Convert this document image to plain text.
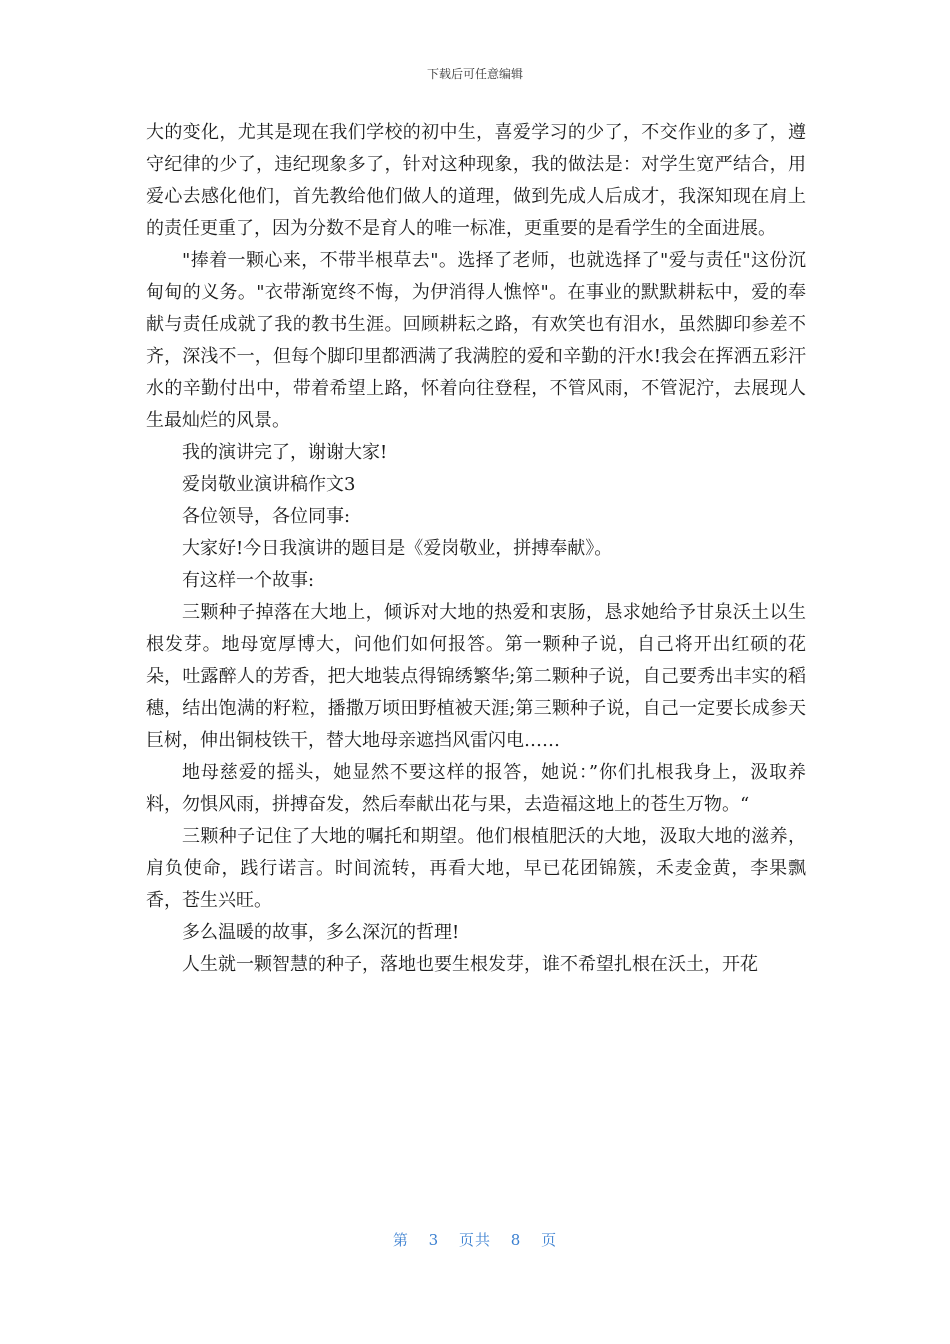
下载后可任意编辑

大的变化，尤其是现在我们学校的初中生，喜爱学习的少了，不交作业的多了，遵守纪律的少了，违纪现象多了，针对这种现象，我的做法是：对学生宽严结合，用爱心去感化他们，首先教给他们做人的道理，做到先成人后成才，我深知现在肩上的责任更重了，因为分数不是育人的唯一标准，更重要的是看学生的全面进展。

"捧着一颗心来，不带半根草去"。选择了老师，也就选择了"爱与责任"这份沉甸甸的义务。"衣带渐宽终不悔，为伊消得人憔悴"。在事业的默默耕耘中，爱的奉献与责任成就了我的教书生涯。回顾耕耘之路，有欢笑也有泪水，虽然脚印参差不齐，深浅不一，但每个脚印里都洒满了我满腔的爱和辛勤的汗水!我会在挥洒五彩汗水的辛勤付出中，带着希望上路，怀着向往登程，不管风雨，不管泥泞，去展现人生最灿烂的风景。

我的演讲完了，谢谢大家!

爱岗敬业演讲稿作文3

各位领导，各位同事:

大家好!今日我演讲的题目是《爱岗敬业，拼搏奉献》。

有这样一个故事:

三颗种子掉落在大地上，倾诉对大地的热爱和衷肠，恳求她给予甘泉沃土以生根发芽。地母宽厚博大，问他们如何报答。第一颗种子说，自己将开出红硕的花朵，吐露醉人的芳香，把大地装点得锦绣繁华;第二颗种子说，自己要秀出丰实的稻穗，结出饱满的籽粒，播撒万顷田野植被天涯;第三颗种子说，自己一定要长成参天巨树，伸出铜枝铁干，替大地母亲遮挡风雷闪电……

地母慈爱的摇头，她显然不要这样的报答，她说：”你们扎根我身上，汲取养料，勿惧风雨，拼搏奋发，然后奉献出花与果，去造福这地上的苍生万物。“

三颗种子记住了大地的嘱托和期望。他们根植肥沃的大地，汲取大地的滋养，肩负使命，践行诺言。时间流转，再看大地，早已花团锦簇，禾麦金黄，李果飘香，苍生兴旺。

多么温暖的故事，多么深沉的哲理!

人生就一颗智慧的种子，落地也要生根发芽，谁不希望扎根在沃土，开花

第 3 页共 8 页
